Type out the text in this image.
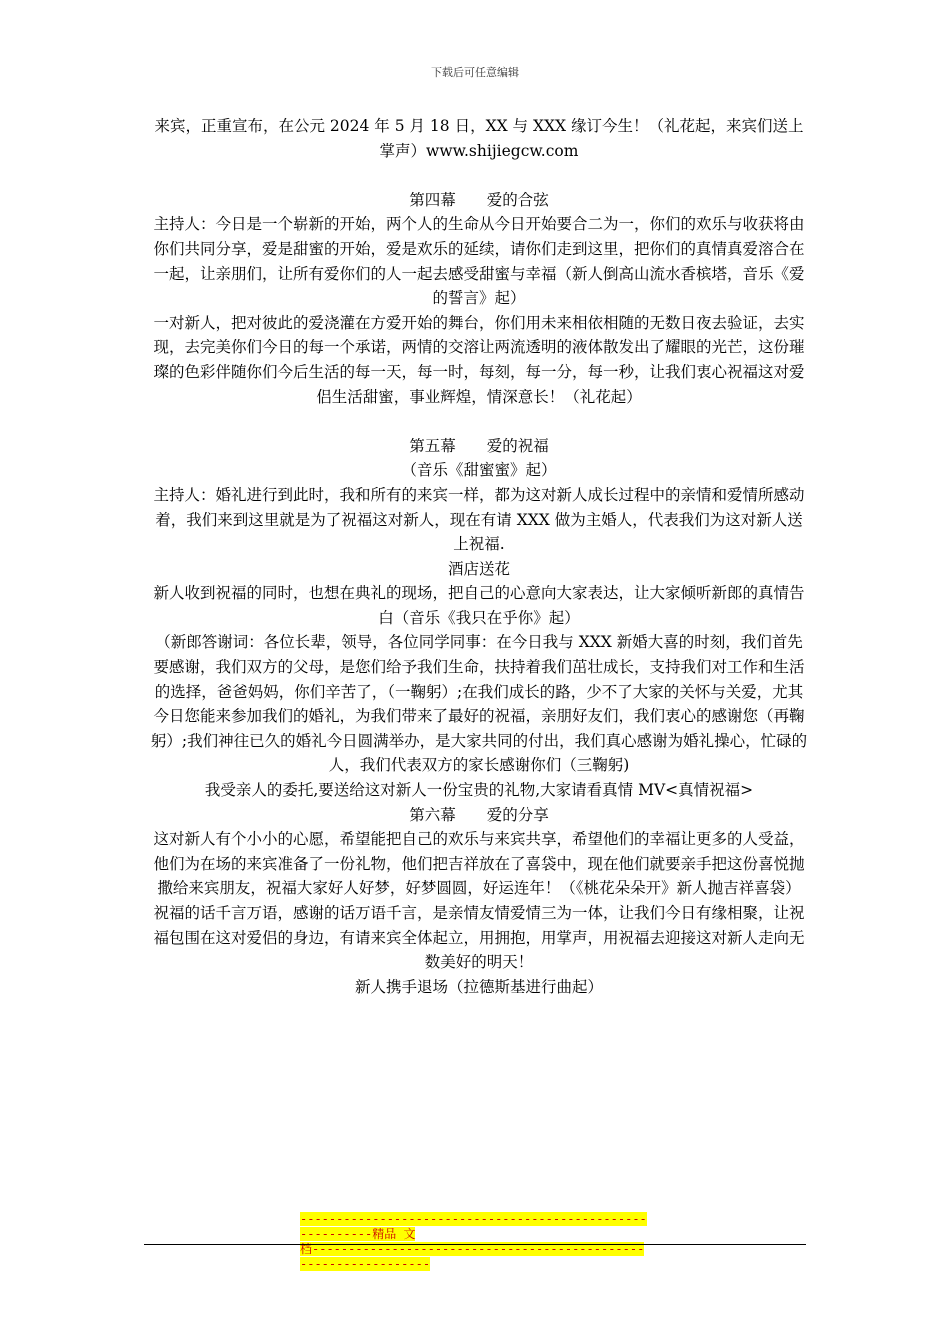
下载后可任意编辑

来宾，正重宣布，在公元 2024 年 5 月 18 日，XX 与 XXX 缘订今生！（礼花起，来宾们送上掌声）www.shijiegcw.com

第四幕　　爱的合弦

主持人：今日是一个崭新的开始，两个人的生命从今日开始要合二为一，你们的欢乐与收获将由你们共同分享，爱是甜蜜的开始，爱是欢乐的延续，请你们走到这里，把你们的真情真爱溶合在一起，让亲朋们，让所有爱你们的人一起去感受甜蜜与幸福（新人倒高山流水香槟塔，音乐《爱的誓言》起）

一对新人，把对彼此的爱浇灌在方爱开始的舞台，你们用未来相依相随的无数日夜去验证，去实现，去完美你们今日的每一个承诺，两情的交溶让两流透明的液体散发出了耀眼的光芒，这份璀璨的色彩伴随你们今后生活的每一天，每一时，每刻，每一分，每一秒，让我们衷心祝福这对爱侣生活甜蜜，事业辉煌，情深意长！（礼花起）

第五幕　　爱的祝福

（音乐《甜蜜蜜》起）

主持人：婚礼进行到此时，我和所有的来宾一样，都为这对新人成长过程中的亲情和爱情所感动着，我们来到这里就是为了祝福这对新人，现在有请 XXX 做为主婚人，代表我们为这对新人送上祝福.

酒店送花

新人收到祝福的同时，也想在典礼的现场，把自己的心意向大家表达，让大家倾听新郎的真情告白（音乐《我只在乎你》起）

（新郎答谢词：各位长辈，领导，各位同学同事：在今日我与 XXX 新婚大喜的时刻，我们首先要感谢，我们双方的父母，是您们给予我们生命，扶持着我们茁壮成长，支持我们对工作和生活的选择，爸爸妈妈，你们辛苦了，（一鞠躬）;在我们成长的路，少不了大家的关怀与关爱，尤其今日您能来参加我们的婚礼，为我们带来了最好的祝福，亲朋好友们，我们衷心的感谢您（再鞠躬）;我们神往已久的婚礼今日圆满举办，是大家共同的付出，我们真心感谢为婚礼操心，忙碌的人，我们代表双方的家长感谢你们（三鞠躬)

我受亲人的委托,要送给这对新人一份宝贵的礼物,大家请看真情 MV<真情祝福>

第六幕　　爱的分享

这对新人有个小小的心愿，希望能把自己的欢乐与来宾共享，希望他们的幸福让更多的人受益，他们为在场的来宾准备了一份礼物，他们把吉祥放在了喜袋中，现在他们就要亲手把这份喜悦抛撒给来宾朋友，祝福大家好人好梦，好梦圆圆，好运连年！（《桃花朵朵开》新人抛吉祥喜袋）

祝福的话千言万语，感谢的话万语千言，是亲情友情爱情三为一体，让我们今日有缘相聚，让祝福包围在这对爱侣的身边，有请来宾全体起立，用拥抱，用掌声，用祝福去迎接这对新人走向无数美好的明天！

新人携手退场（拉德斯基进行曲起）

----------------------------------------------------------精品 文
档----------------------------------------------------------------
